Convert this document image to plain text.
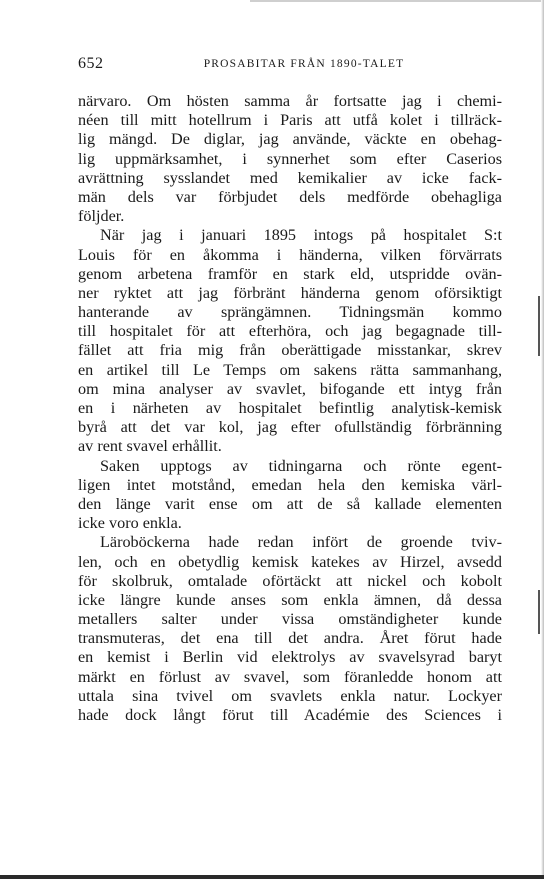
652	PROSABITAR FRÅN 1890-TALET
närvaro. Om hösten samma år fortsatte jag i chemi-
néen till mitt hotellrum i Paris att utfå kolet i tillräck-
lig mängd. De diglar, jag använde, väckte en obehag-
lig uppmärksamhet, i synnerhet som efter Caserios
avrättning sysslandet med kemikalier av icke fack-
män dels var förbjudet dels medförde obehagliga
följder.
När jag i januari 1895 intogs på hospitalet S:t
Louis för en åkomma i händerna, vilken förvärrats
genom arbetena framför en stark eld, utspridde ovän-
ner ryktet att jag förbränt händerna genom oförsiktigt
hanterande av sprängämnen. Tidningsmän kommo
till hospitalet för att efterhöra, och jag begagnade till-
fället att fria mig från oberättigade misstankar, skrev
en artikel till Le Temps om sakens rätta sammanhang,
om mina analyser av svavlet, bifogande ett intyg från
en i närheten av hospitalet befintlig analytisk-kemisk
byrå att det var kol, jag efter ofullständig förbränning
av rent svavel erhållit.
Saken upptogs av tidningarna och rönte egent-
ligen intet motstånd, emedan hela den kemiska värl-
den länge varit ense om att de så kallade elementen
icke voro enkla.
Läroböckerna hade redan infört de groende tviv-
len, och en obetydlig kemisk katekes av Hirzel, avsedd
för skolbruk, omtalade oförtäckt att nickel och kobolt
icke längre kunde anses som enkla ämnen, då dessa
metallers salter under vissa omständigheter kunde
transmuteras, det ena till det andra. Året förut hade
en kemist i Berlin vid elektrolys av svavelsyrad baryt
märkt en förlust av svavel, som föranledde honom att
uttala sina tvivel om svavlets enkla natur. Lockyer
hade dock långt förut till Académie des Sciences i
